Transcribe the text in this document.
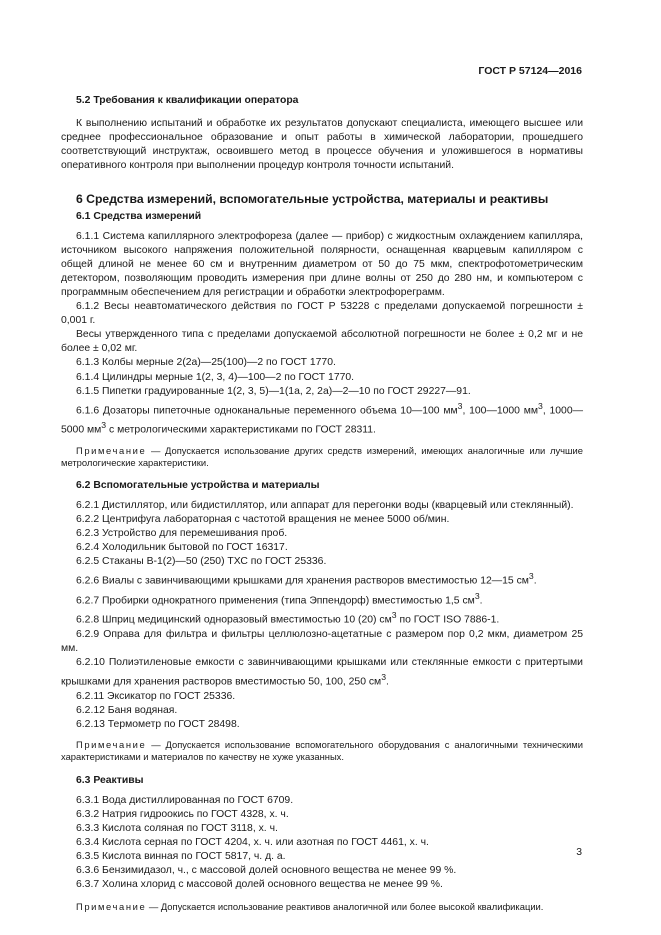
ГОСТ Р 57124—2016

5.2 Требования к квалификации оператора

К выполнению испытаний и обработке их результатов допускают специалиста, имеющего высшее или среднее профессиональное образование и опыт работы в химической лаборатории, прошедшего соответствующий инструктаж, освоившего метод в процессе обучения и уложившегося в нормативы оперативного контроля при выполнении процедур контроля точности испытаний.

6 Средства измерений, вспомогательные устройства, материалы и реактивы

6.1 Средства измерений

6.1.1 Система капиллярного электрофореза (далее — прибор) с жидкостным охлаждением капилляра, источником высокого напряжения положительной полярности, оснащенная кварцевым капилляром с общей длиной не менее 60 см и внутренним диаметром от 50 до 75 мкм, спектрофотометрическим детектором, позволяющим проводить измерения при длине волны от 250 до 280 нм, и компьютером с программным обеспечением для регистрации и обработки электрофореграмм.

6.1.2 Весы неавтоматического действия по ГОСТ Р 53228 с пределами допускаемой погрешности ± 0,001 г.

Весы утвержденного типа с пределами допускаемой абсолютной погрешности не более ± 0,2 мг и не более ± 0,02 мг.

6.1.3 Колбы мерные 2(2а)—25(100)—2 по ГОСТ 1770.

6.1.4 Цилиндры мерные 1(2, 3, 4)—100—2 по ГОСТ 1770.

6.1.5 Пипетки градуированные 1(2, 3, 5)—1(1а, 2, 2а)—2—10 по ГОСТ 29227—91.

6.1.6 Дозаторы пипеточные одноканальные переменного объема 10—100 $мм^3$, 100—1000 $мм^3$, 1000—5000 $мм^3$ с метрологическими характеристиками по ГОСТ 28311.

Примечание — Допускается использование других средств измерений, имеющих аналогичные или лучшие метрологические характеристики.

6.2 Вспомогательные устройства и материалы

6.2.1 Дистиллятор, или бидистиллятор, или аппарат для перегонки воды (кварцевый или стеклянный).

6.2.2 Центрифуга лабораторная с частотой вращения не менее 5000 об/мин.

6.2.3 Устройство для перемешивания проб.

6.2.4 Холодильник бытовой по ГОСТ 16317.

6.2.5 Стаканы В-1(2)—50 (250) ТХС по ГОСТ 25336.

6.2.6 Виалы с завинчивающими крышками для хранения растворов вместимостью 12—15 $см^3$.

6.2.7 Пробирки однократного применения (типа Эппендорф) вместимостью 1,5 $см^3$.

6.2.8 Шприц медицинский одноразовый вместимостью 10 (20) $см^3$ по ГОСТ ISO 7886-1.

6.2.9 Оправа для фильтра и фильтры целлюлозно-ацетатные с размером пор 0,2 мкм, диаметром 25 мм.

6.2.10 Полиэтиленовые емкости с завинчивающими крышками или стеклянные емкости с притертыми крышками для хранения растворов вместимостью 50, 100, 250 $см^3$.

6.2.11 Эксикатор по ГОСТ 25336.

6.2.12 Баня водяная.

6.2.13 Термометр по ГОСТ 28498.

Примечание — Допускается использование вспомогательного оборудования с аналогичными техническими характеристиками и материалов по качеству не хуже указанных.

6.3 Реактивы

6.3.1 Вода дистиллированная по ГОСТ 6709.

6.3.2 Натрия гидроокись по ГОСТ 4328, х. ч.

6.3.3 Кислота соляная по ГОСТ 3118, х. ч.

6.3.4 Кислота серная по ГОСТ 4204, х. ч. или азотная по ГОСТ 4461, х. ч.

6.3.5 Кислота винная по ГОСТ 5817, ч. д. а.

6.3.6 Бензимидазол, ч., с массовой долей основного вещества не менее 99 %.

6.3.7 Холина хлорид с массовой долей основного вещества не менее 99 %.

Примечание — Допускается использование реактивов аналогичной или более высокой квалификации.

3
